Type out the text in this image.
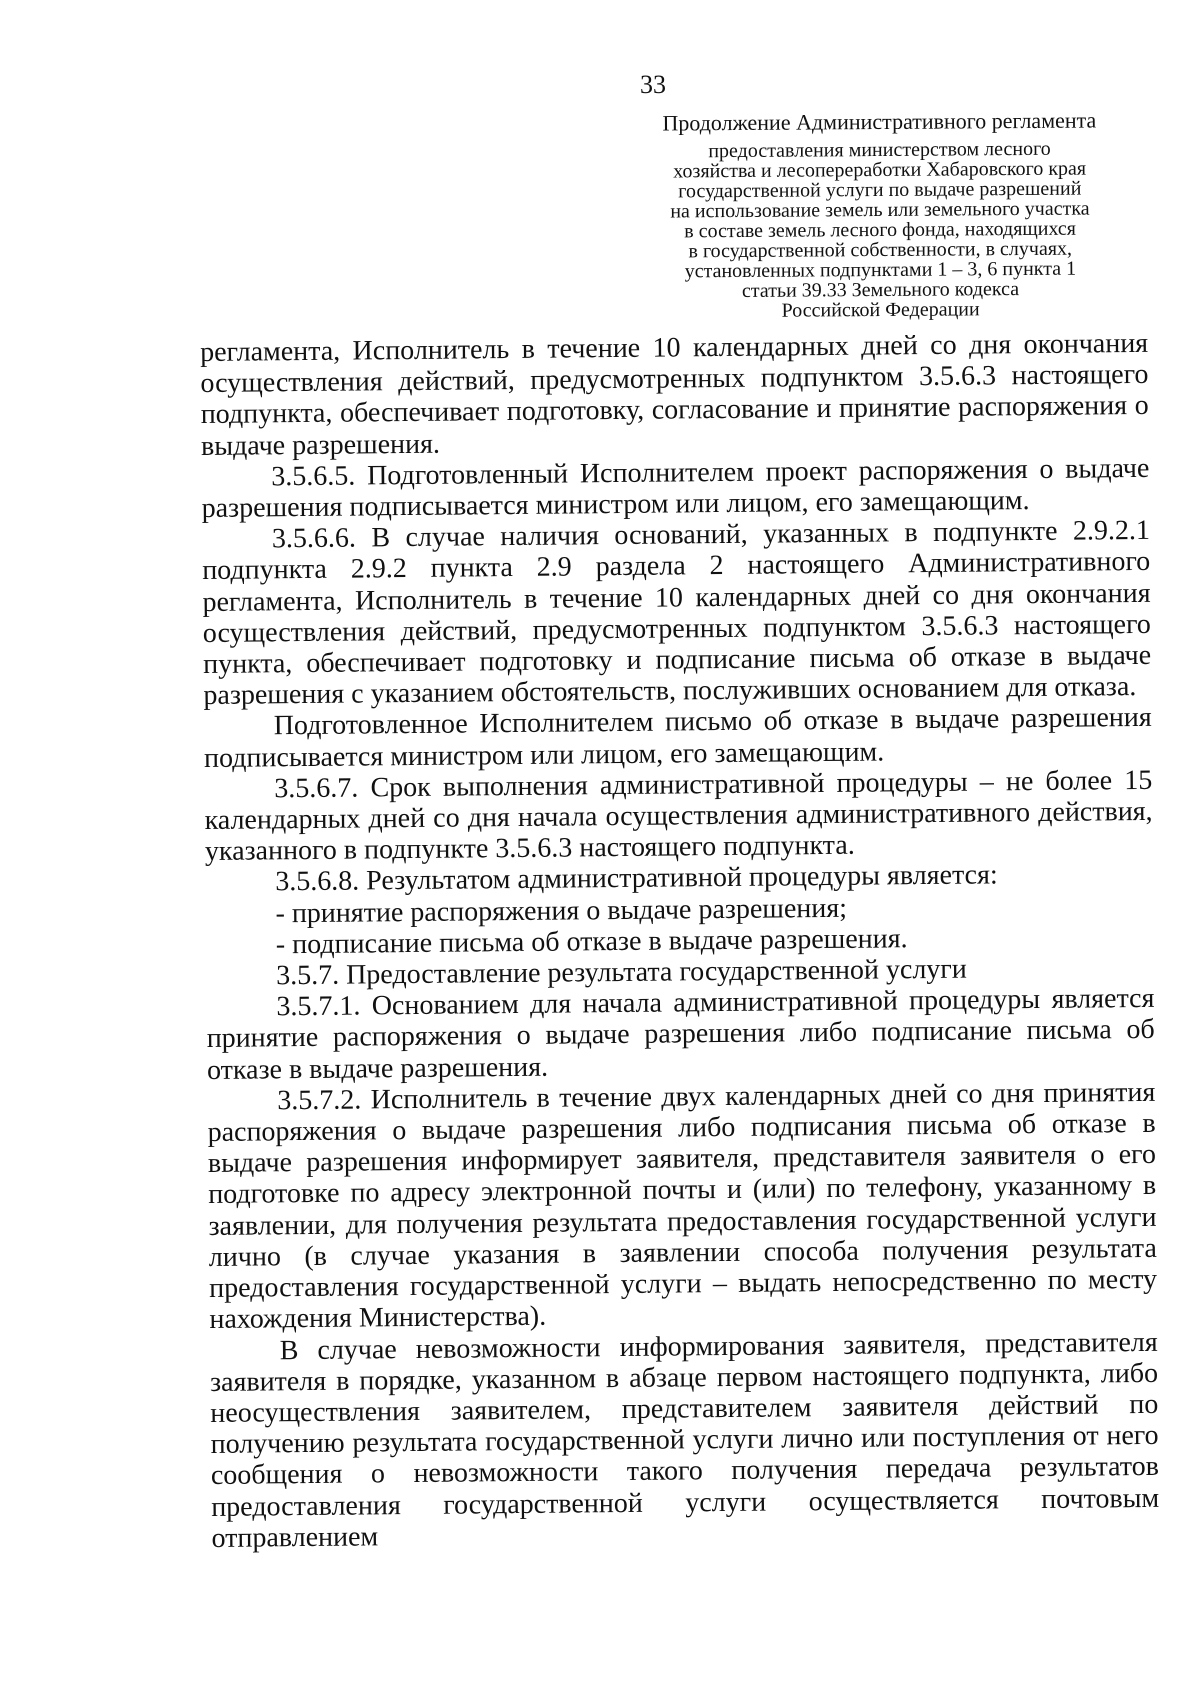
33
Продолжение Административного регламента
предоставления министерством лесного
хозяйства и лесопереработки Хабаровского края
государственной услуги по выдаче разрешений
на использование земель или земельного участка
в составе земель лесного фонда, находящихся
в государственной собственности, в случаях,
установленных подпунктами 1 – 3, 6 пункта 1
статьи 39.33 Земельного кодекса
Российской Федерации

регламента, Исполнитель в течение 10 календарных дней со дня окончания осуществления действий, предусмотренных подпунктом 3.5.6.3 настоящего подпункта, обеспечивает подготовку, согласование и принятие распоряжения о выдаче разрешения.

3.5.6.5. Подготовленный Исполнителем проект распоряжения о выдаче разрешения подписывается министром или лицом, его замещающим.

3.5.6.6. В случае наличия оснований, указанных в подпункте 2.9.2.1 подпункта 2.9.2 пункта 2.9 раздела 2 настоящего Административного регламента, Исполнитель в течение 10 календарных дней со дня окончания осуществления действий, предусмотренных подпунктом 3.5.6.3 настоящего пункта, обеспечивает подготовку и подписание письма об отказе в выдаче разрешения с указанием обстоятельств, послуживших основанием для отказа.

Подготовленное Исполнителем письмо об отказе в выдаче разрешения подписывается министром или лицом, его замещающим.

3.5.6.7. Срок выполнения административной процедуры – не более 15 календарных дней со дня начала осуществления административного действия, указанного в подпункте 3.5.6.3 настоящего подпункта.

3.5.6.8. Результатом административной процедуры является:

- принятие распоряжения о выдаче разрешения;

- подписание письма об отказе в выдаче разрешения.

3.5.7. Предоставление результата государственной услуги

3.5.7.1. Основанием для начала административной процедуры является принятие распоряжения о выдаче разрешения либо подписание письма об отказе в выдаче разрешения.

3.5.7.2. Исполнитель в течение двух календарных дней со дня принятия распоряжения о выдаче разрешения либо подписания письма об отказе в выдаче разрешения информирует заявителя, представителя заявителя о его подготовке по адресу электронной почты и (или) по телефону, указанному в заявлении, для получения результата предоставления государственной услуги лично (в случае указания в заявлении способа получения результата предоставления государственной услуги – выдать непосредственно по месту нахождения Министерства).

В случае невозможности информирования заявителя, представителя заявителя в порядке, указанном в абзаце первом настоящего подпункта, либо неосуществления заявителем, представителем заявителя действий по получению результата государственной услуги лично или поступления от него сообщения о невозможности такого получения передача результатов предоставления государственной услуги осуществляется почтовым отправлением
